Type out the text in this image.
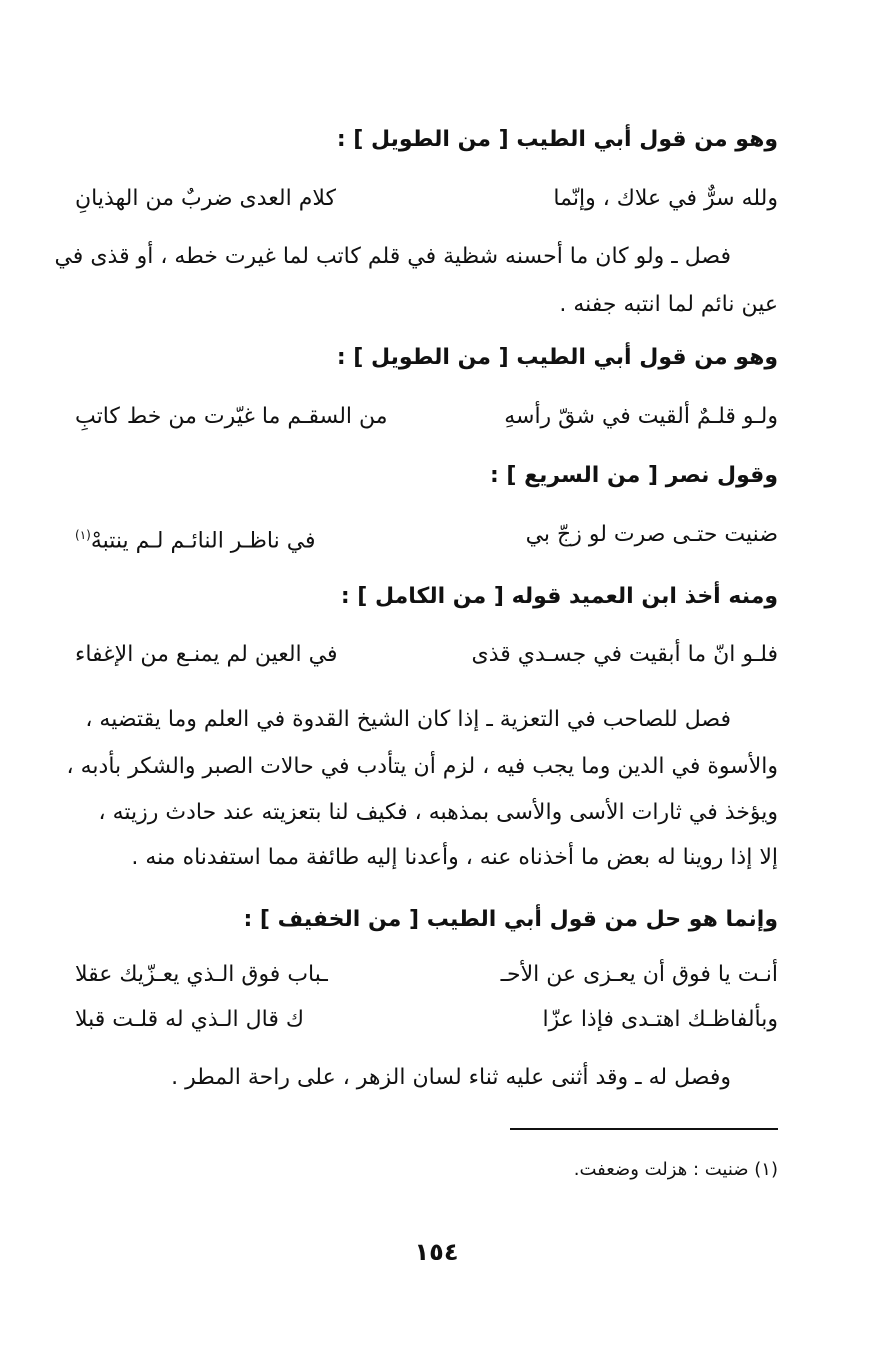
وهو من قول أبي الطيب [ من الطويل ] :
ولله سرٌّ في علاك ، وإنّما
كلام العدى ضربٌ من الهذيانِ
فصل ـ ولو كان ما أحسنه شظية في قلم كاتب لما غيرت خطه ، أو قذى في
عين نائم لما انتبه جفنه .
وهو من قول أبي الطيب [ من الطويل ] :
ولـو قلـمٌ ألقيت في شقّ رأسهِ
من السقـم ما غيّرت من خط كاتبِ
وقول نصر [ من السريع ] :
ضنيت حتـى صرت لو زجّ بي
في ناظـر النائـم لـم ينتبهْ$^{(١)}$
ومنه أخذ ابن العميد قوله [ من الكامل ] :
فلـو انّ ما أبقيت في جسـدي قذى
في العين لم يمنـع من الإغفاء
فصل للصاحب في التعزية ـ إذا كان الشيخ القدوة في العلم وما يقتضيه ،
والأسوة في الدين وما يجب فيه ، لزم أن يتأدب في حالات الصبر والشكر بأدبه ،
ويؤخذ في ثارات الأسى والأسى بمذهبه ، فكيف لنا بتعزيته عند حادث رزيته ،
إلا إذا روينا له بعض ما أخذناه عنه ، وأعدنا إليه طائفة مما استفدناه منه .
وإنما هو حل من قول أبي الطيب [ من الخفيف ] :
أنـت يا فوق أن يعـزى عن الأحـ
ـباب فوق الـذي يعـزّيك عقلا
وبألفاظـك اهتـدى فإذا عزّا
ك قال الـذي له قلـت قبلا
وفصل له ـ وقد أثنى عليه ثناء لسان الزهر ، على راحة المطر .
(١) ضنيت : هزلت وضعفت.
١٥٤
